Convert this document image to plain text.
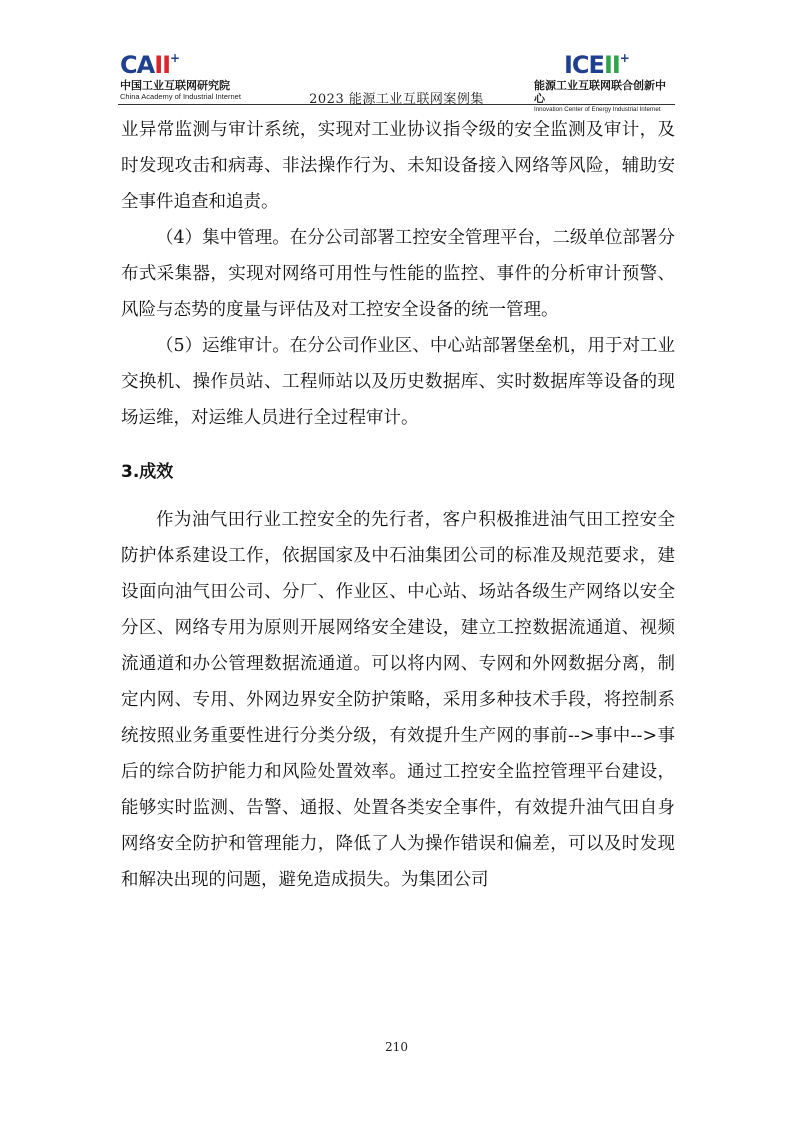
CAII+
中国工业互联网研究院
China Academy of Industrial Internet	2023 能源工业互联网案例集
ICEII+
能源工业互联网联合创新中心
Innovation Center of Energy Industrial Internet

业异常监测与审计系统，实现对工业协议指令级的安全监测及审计，及时发现攻击和病毒、非法操作行为、未知设备接入网络等风险，辅助安全事件追查和追责。

（4）集中管理。在分公司部署工控安全管理平台，二级单位部署分布式采集器，实现对网络可用性与性能的监控、事件的分析审计预警、风险与态势的度量与评估及对工控安全设备的统一管理。

（5）运维审计。在分公司作业区、中心站部署堡垒机，用于对工业交换机、操作员站、工程师站以及历史数据库、实时数据库等设备的现场运维，对运维人员进行全过程审计。

3.成效

作为油气田行业工控安全的先行者，客户积极推进油气田工控安全防护体系建设工作，依据国家及中石油集团公司的标准及规范要求，建设面向油气田公司、分厂、作业区、中心站、场站各级生产网络以安全分区、网络专用为原则开展网络安全建设，建立工控数据流通道、视频流通道和办公管理数据流通道。可以将内网、专网和外网数据分离，制定内网、专用、外网边界安全防护策略，采用多种技术手段，将控制系统按照业务重要性进行分类分级，有效提升生产网的事前-->事中-->事后的综合防护能力和风险处置效率。通过工控安全监控管理平台建设，能够实时监测、告警、通报、处置各类安全事件，有效提升油气田自身网络安全防护和管理能力，降低了人为操作错误和偏差，可以及时发现和解决出现的问题，避免造成损失。为集团公司

210
